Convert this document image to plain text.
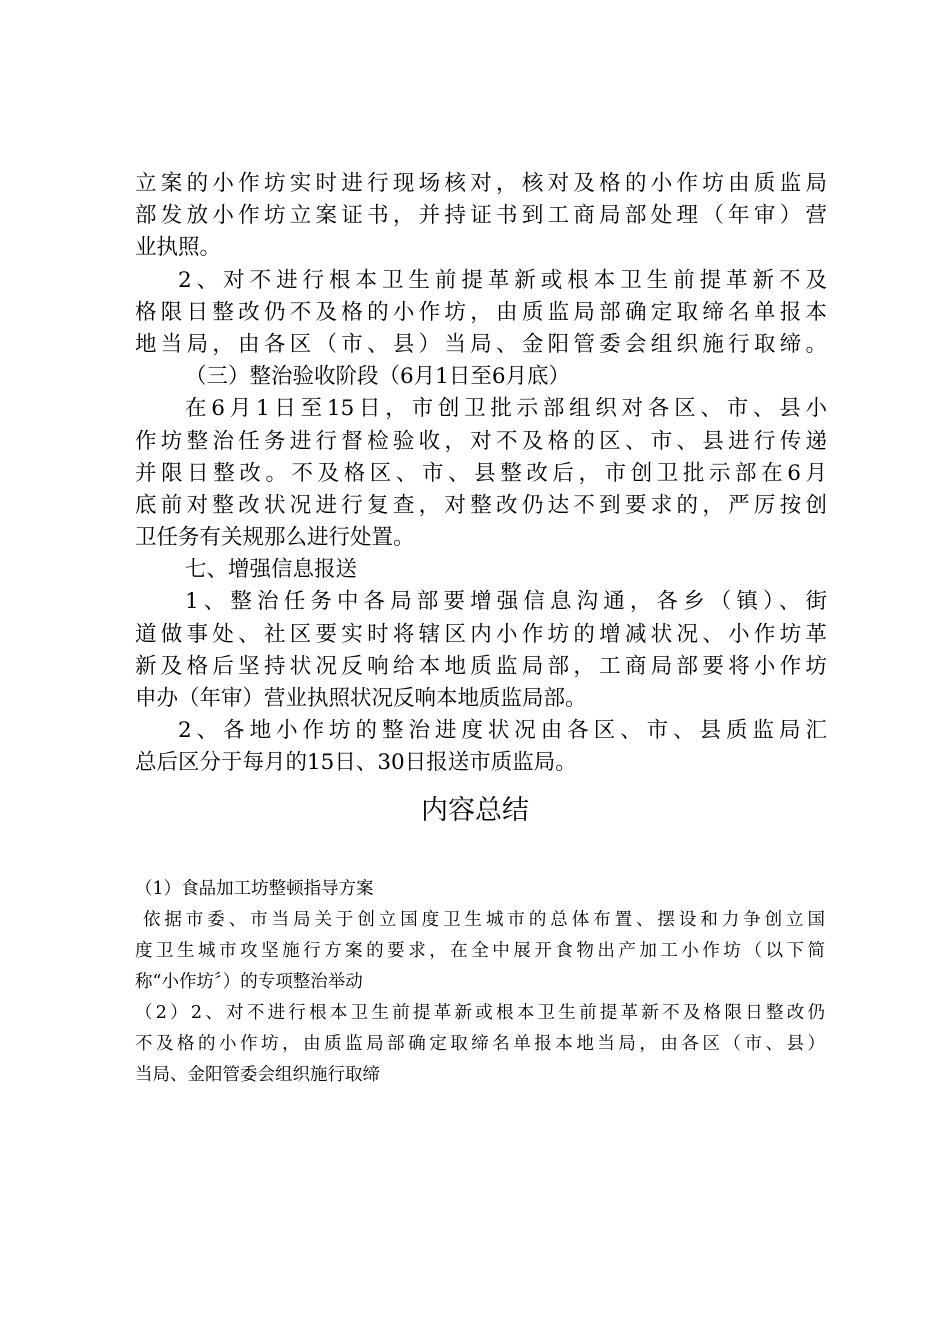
立案的小作坊实时进行现场核对，核对及格的小作坊由质监局
部发放小作坊立案证书，并持证书到工商局部处理（年审）营
业执照。
2、对不进行根本卫生前提革新或根本卫生前提革新不及
格限日整改仍不及格的小作坊，由质监局部确定取缔名单报本
地当局，由各区（市、县）当局、金阳管委会组织施行取缔。
（三）整治验收阶段（6月1日至6月底）
在6月1日至15日，市创卫批示部组织对各区、市、县小
作坊整治任务进行督检验收，对不及格的区、市、县进行传递
并限日整改。不及格区、市、县整改后，市创卫批示部在6月
底前对整改状况进行复查，对整改仍达不到要求的，严厉按创
卫任务有关规那么进行处置。
七、增强信息报送
1、整治任务中各局部要增强信息沟通，各乡（镇）、街
道做事处、社区要实时将辖区内小作坊的增减状况、小作坊革
新及格后坚持状况反响给本地质监局部，工商局部要将小作坊
申办（年审）营业执照状况反响本地质监局部。
2、各地小作坊的整治进度状况由各区、市、县质监局汇
总后区分于每月的15日、30日报送市质监局。
内容总结
（1）食品加工坊整顿指导方案
依据市委、市当局关于创立国度卫生城市的总体布置、摆设和力争创立国
度卫生城市攻坚施行方案的要求，在全中展开食物出产加工小作坊（以下简
称“小作坊〞）的专项整治举动
（2）2、对不进行根本卫生前提革新或根本卫生前提革新不及格限日整改仍
不及格的小作坊，由质监局部确定取缔名单报本地当局，由各区（市、县）
当局、金阳管委会组织施行取缔
